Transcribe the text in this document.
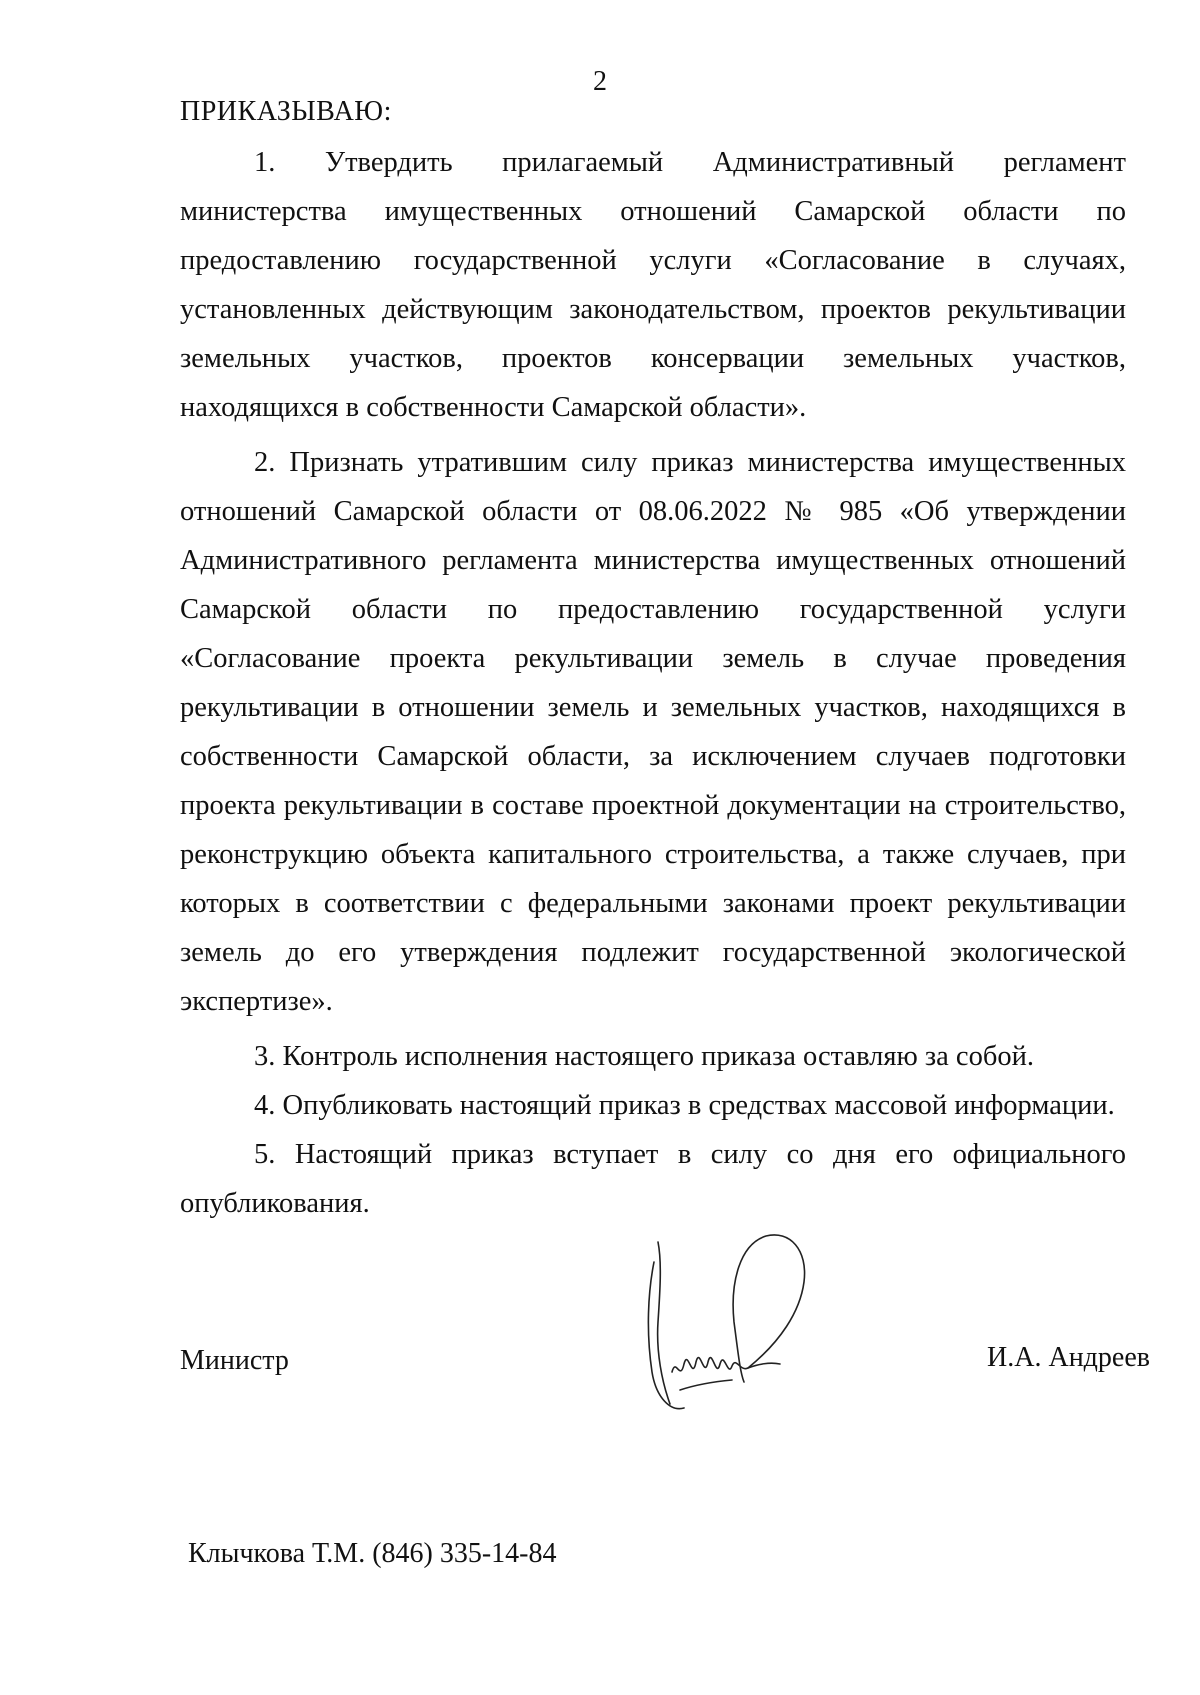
2
ПРИКАЗЫВАЮ:

1. Утвердить прилагаемый Административный регламент министерства имущественных отношений Самарской области по предоставлению государственной услуги «Согласование в случаях, установленных действующим законодательством, проектов рекультивации земельных участков, проектов консервации земельных участков, находящихся в собственности Самарской области».

2. Признать утратившим силу приказ министерства имущественных отношений Самарской области от 08.06.2022 № 985 «Об утверждении Административного регламента министерства имущественных отношений Самарской области по предоставлению государственной услуги «Согласование проекта рекультивации земель в случае проведения рекультивации в отношении земель и земельных участков, находящихся в собственности Самарской области, за исключением случаев подготовки проекта рекультивации в составе проектной документации на строительство, реконструкцию объекта капитального строительства, а также случаев, при которых в соответствии с федеральными законами проект рекультивации земель до его утверждения подлежит государственной экологической экспертизе».

3. Контроль исполнения настоящего приказа оставляю за собой.

4. Опубликовать настоящий приказ в средствах массовой информации.

5. Настоящий приказ вступает в силу со дня его официального опубликования.

Министр	И.А. Андреев
Клычкова Т.М. (846) 335-14-84
